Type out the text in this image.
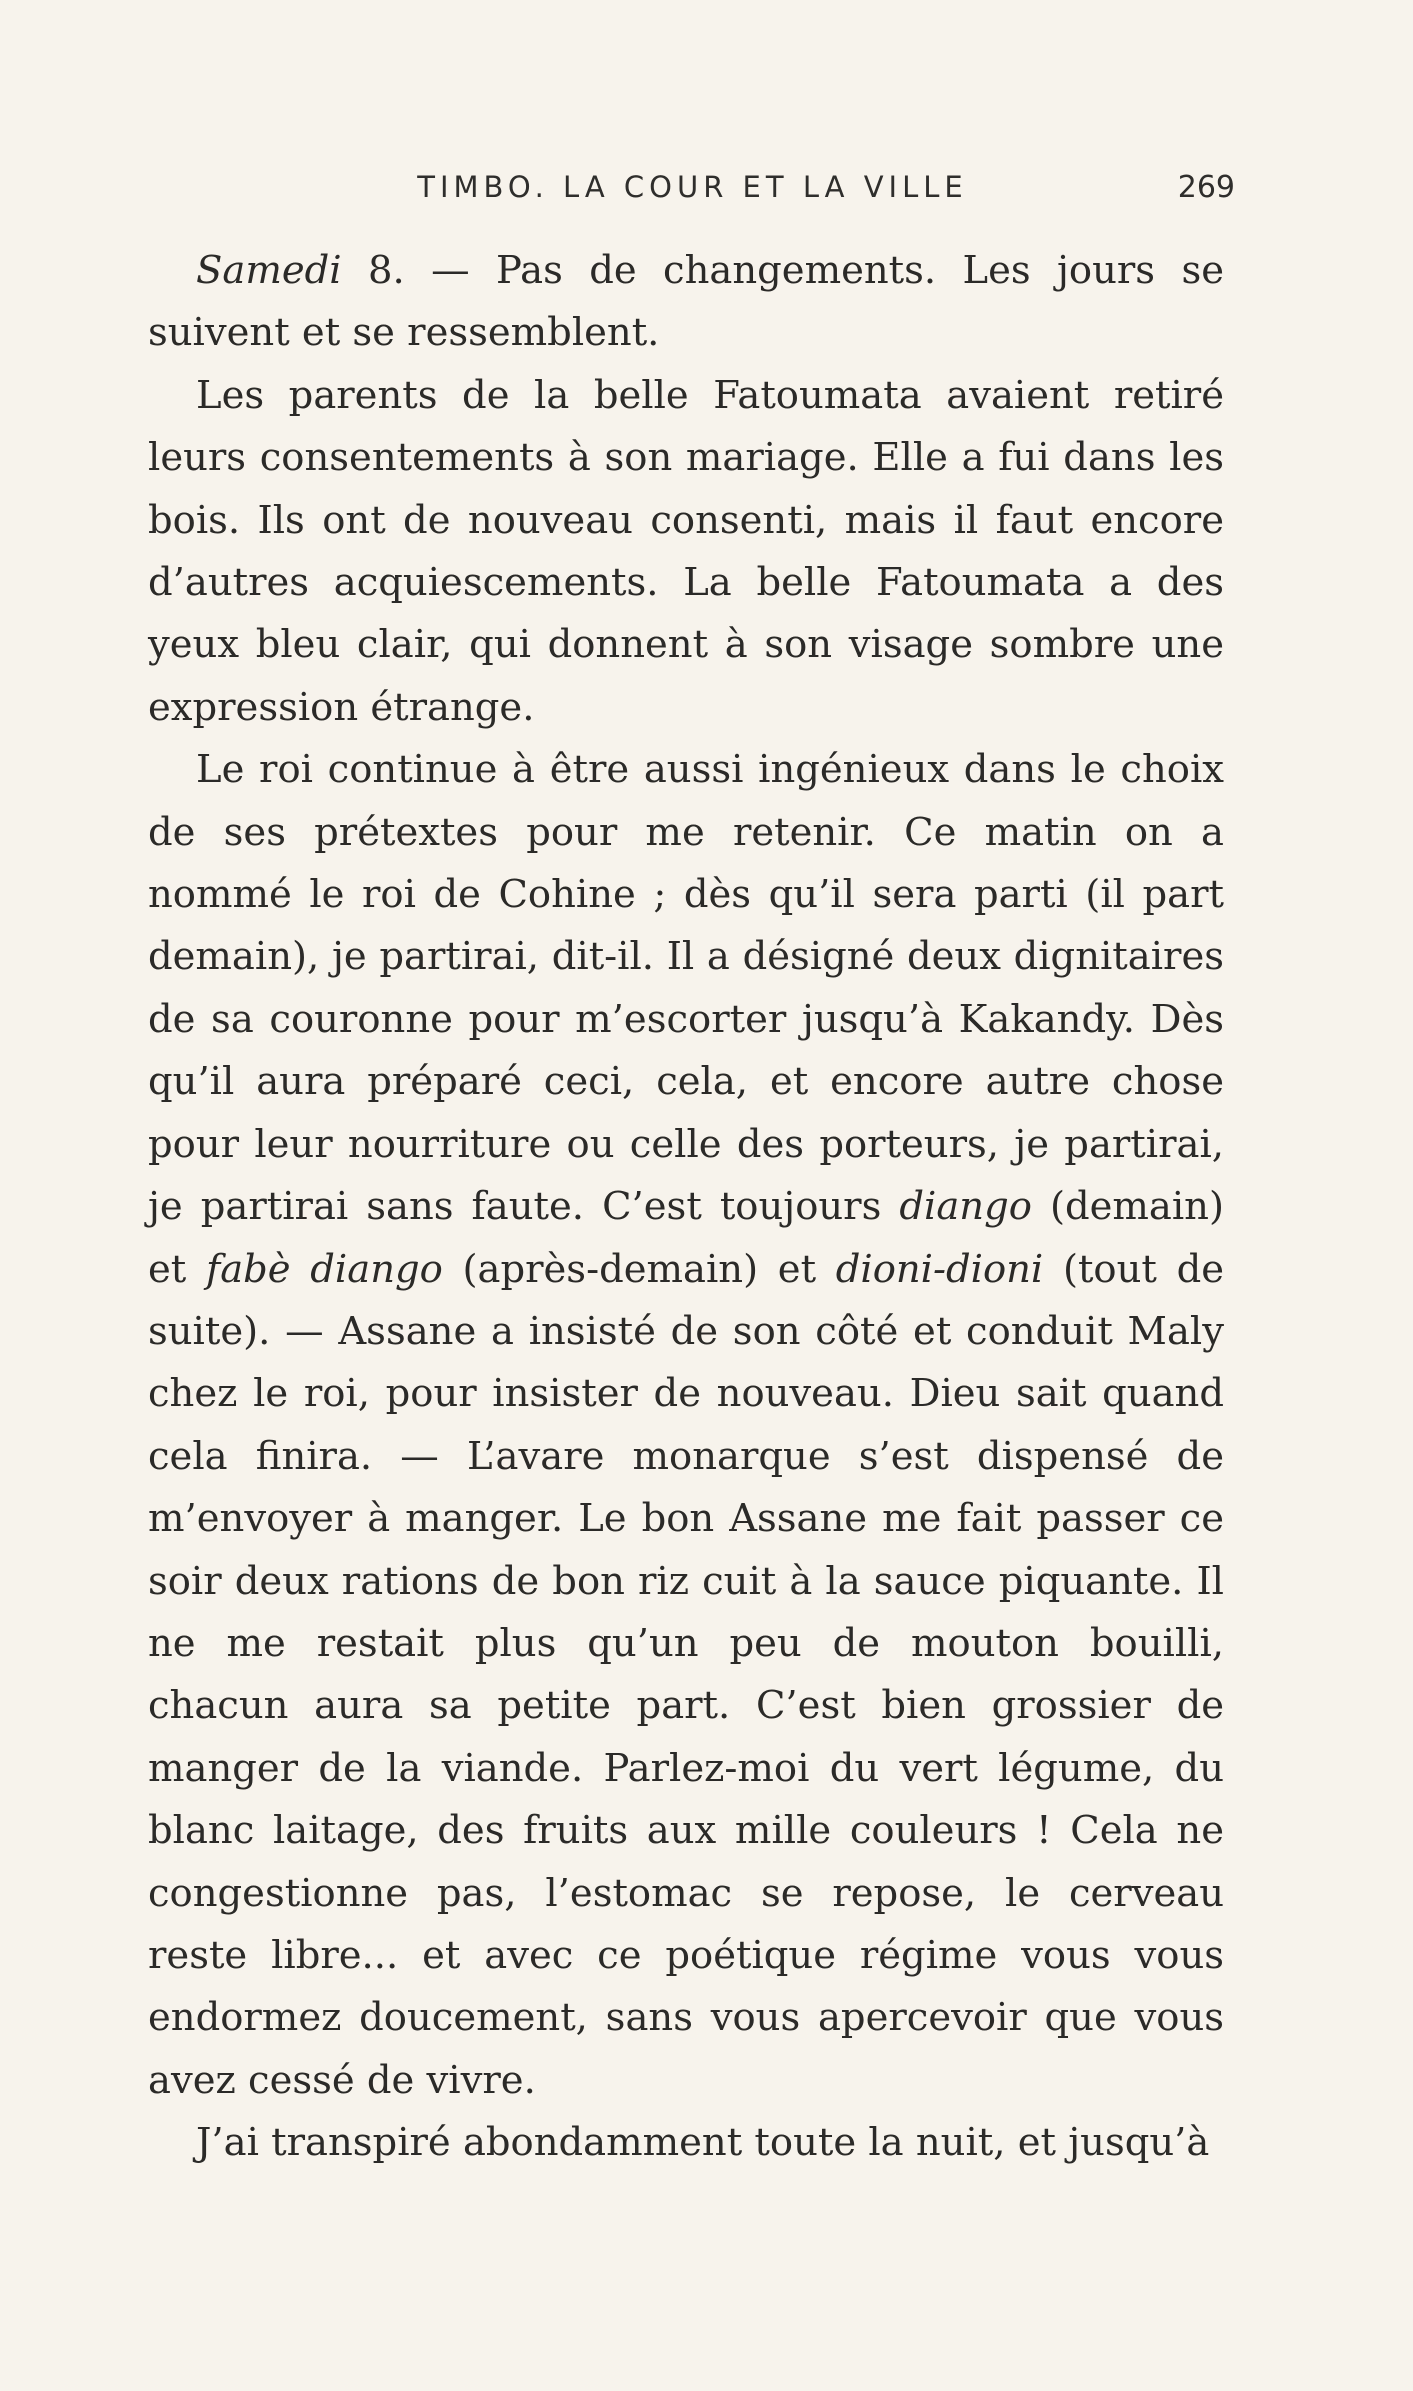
TIMBO. LA COUR ET LA VILLE	269

Samedi 8. — Pas de changements. Les jours se suivent et se ressemblent.

Les parents de la belle Fatoumata avaient retiré leurs consentements à son mariage. Elle a fui dans les bois. Ils ont de nouveau consenti, mais il faut encore d’autres acquiescements. La belle Fatoumata a des yeux bleu clair, qui donnent à son visage sombre une expression étrange.

Le roi continue à être aussi ingénieux dans le choix de ses prétextes pour me retenir. Ce matin on a nommé le roi de Cohine ; dès qu’il sera parti (il part demain), je partirai, dit-il. Il a désigné deux dignitaires de sa couronne pour m’escorter jusqu’à Kakandy. Dès qu’il aura préparé ceci, cela, et encore autre chose pour leur nourriture ou celle des porteurs, je partirai, je partirai sans faute. C’est toujours diango (demain) et fabè diango (après-demain) et dioni-dioni (tout de suite). — Assane a insisté de son côté et conduit Maly chez le roi, pour insister de nouveau. Dieu sait quand cela finira. — L’avare monarque s’est dispensé de m’envoyer à manger. Le bon Assane me fait passer ce soir deux rations de bon riz cuit à la sauce piquante. Il ne me restait plus qu’un peu de mouton bouilli, chacun aura sa petite part. C’est bien grossier de manger de la viande. Parlez-moi du vert légume, du blanc laitage, des fruits aux mille couleurs ! Cela ne congestionne pas, l’estomac se repose, le cerveau reste libre... et avec ce poétique régime vous vous endormez doucement, sans vous apercevoir que vous avez cessé de vivre.

J’ai transpiré abondamment toute la nuit, et jusqu’à
